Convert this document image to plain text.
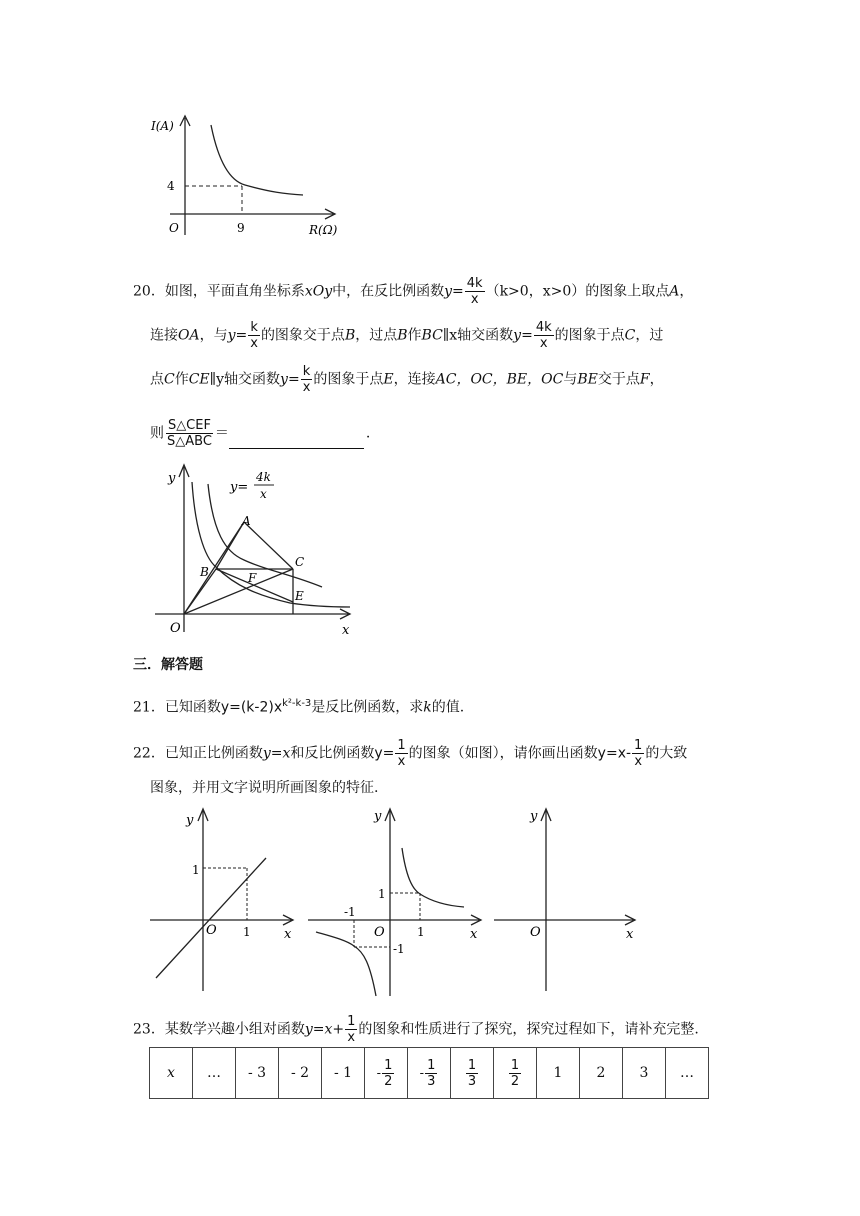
I(A)
4
O	9	R(Ω)
20．如图，平面直角坐标系xOy中，在反比例函数$y= \frac{4k}{x} (k>0$，x>0）的图象上取点A，
连接OA，与$y= \frac{k}{x}$ 的图象交于点B，过点B作BC∥x轴交函数$y= \frac{4k}{x}$ 的图象于点C，过
点C作CE∥y轴交函数$y= \frac{k}{x}$ 的图象于点E，连接AC，OC，BE，OC与BE交于点F，
则 $\frac{\text{S△CEF}}{\text{S△ABC}}$ ＝	.
y
y=
4k
x
A
B
C
F
E
O	x
三．解答题
21．已知函数$y=(k-2)x^{k^2-k-3}$是反比例函数，求k的值.
22．已知正比例函数y=x和反比例函数$y= \frac{1}{x}$ 的图象（如图），请你画出函数$y=x- \frac{1}{x}$ 的大致
图象，并用文字说明所画图象的特征.
y
1
O 1	x
y
1
-1
O	1	x
-1
y
O	x
23．某数学兴趣小组对函数$y=x+ \frac{1}{x}$ 的图象和性质进行了探究，探究过程如下，请补充完整.
x	…	- 3	- 2	- 1	- $\frac{1}{2}$	- $\frac{1}{3}$	$\frac{1}{3}$	$\frac{1}{2}$	1	2	3	…
